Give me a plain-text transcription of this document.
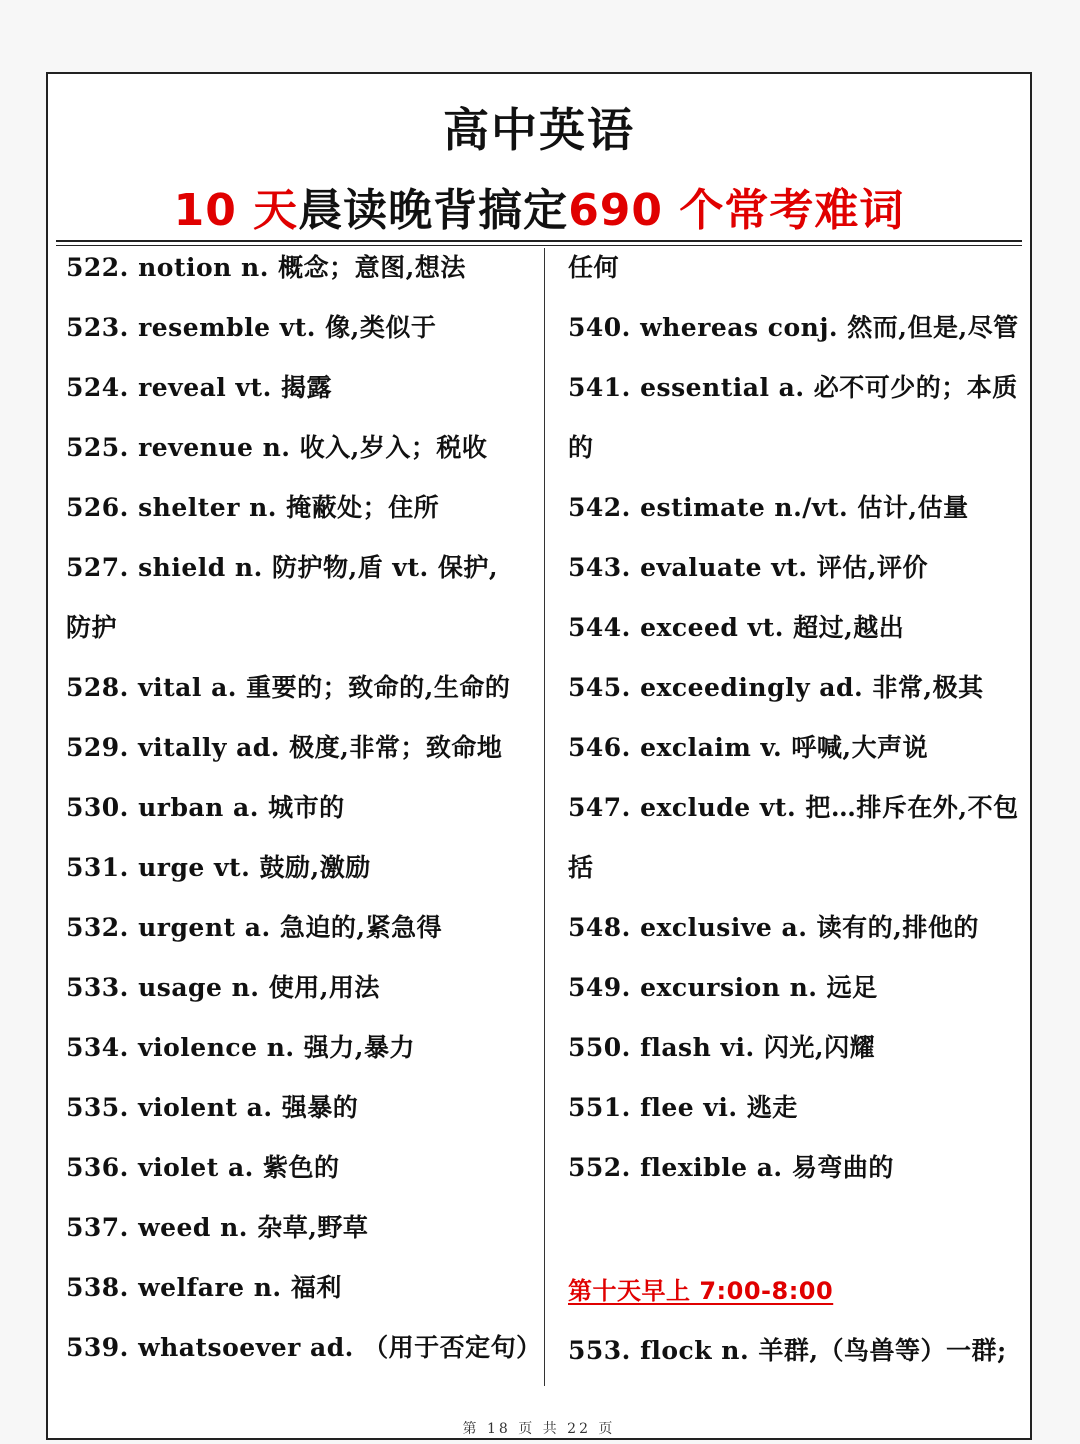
高中英语
10 天晨读晚背搞定690 个常考难词
522. notion n. 概念；意图,想法
523. resemble vt. 像,类似于
524. reveal vt. 揭露
525. revenue n. 收入,岁入；税收
526. shelter n. 掩蔽处；住所
527. shield n. 防护物,盾 vt. 保护,
防护
528. vital a. 重要的；致命的,生命的
529. vitally ad. 极度,非常；致命地
530. urban a. 城市的
531. urge vt. 鼓励,激励
532. urgent a. 急迫的,紧急得
533. usage n. 使用,用法
534. violence n. 强力,暴力
535. violent a. 强暴的
536. violet a. 紫色的
537. weed n. 杂草,野草
538. welfare n. 福利
539. whatsoever ad. （用于否定句）
任何
540. whereas conj. 然而,但是,尽管
541. essential a. 必不可少的；本质
的
542. estimate n./vt. 估计,估量
543. evaluate vt. 评估,评价
544. exceed vt. 超过,越出
545. exceedingly ad. 非常,极其
546. exclaim v. 呼喊,大声说
547. exclude vt. 把…排斥在外,不包
括
548. exclusive a. 读有的,排他的
549. excursion n. 远足
550. flash vi. 闪光,闪耀
551. flee vi. 逃走
552. flexible a. 易弯曲的
第十天早上 7:00-8:00
553. flock n. 羊群,（鸟兽等）一群;
第 18 页 共 22 页
